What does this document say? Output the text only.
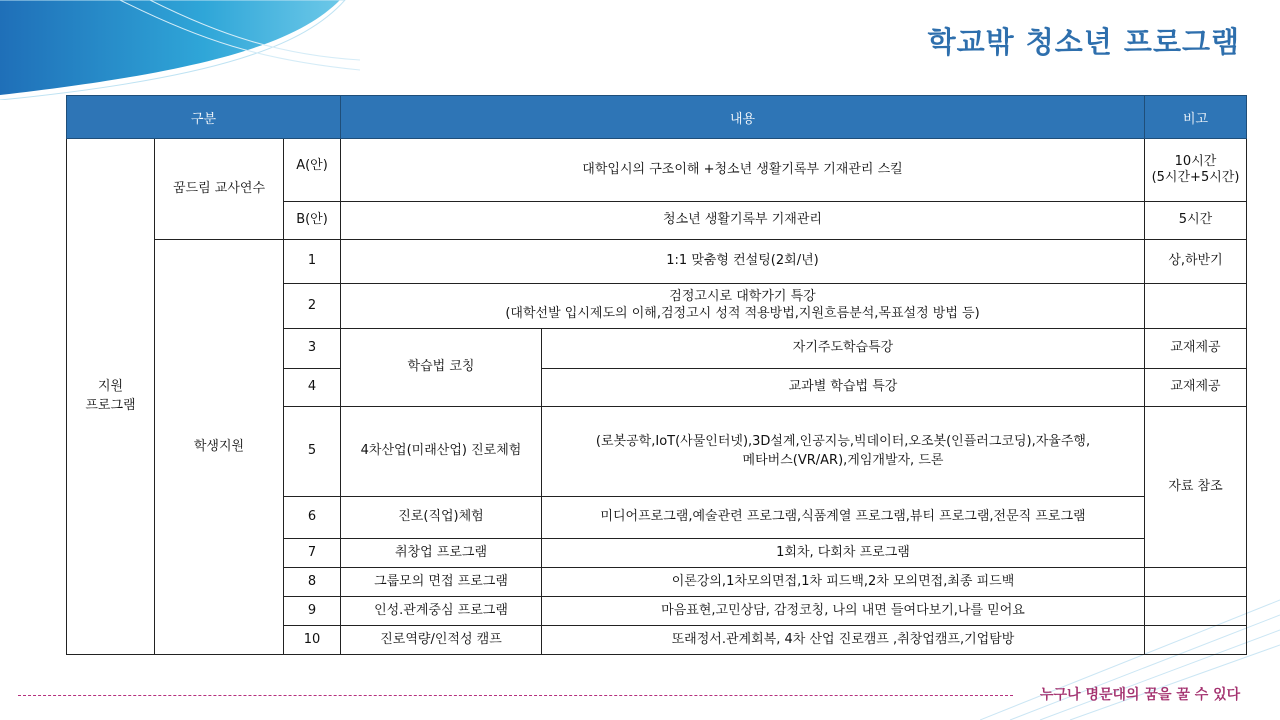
학교밖 청소년 프로그램
구분			내용		비고
지원
프로그램	꿈드림 교사연수	A(안)	대학입시의 구조이해 +청소년 생활기록부 기재관리 스킬		10시간
(5시간+5시간)
		B(안)	청소년 생활기록부 기재관리		5시간
	학생지원	1	1:1 맞춤형 컨설팅(2회/년)		상,하반기
		2	검정고시로 대학가기 특강
(대학선발 입시제도의 이해,검정고시 성적 적용방법,지원흐름분석,목표설정 방법 등)		
		3	학습법 코칭	자기주도학습특강	교재제공
		4		교과별 학습법 특강	교재제공
		5	4차산업(미래산업) 진로체험	(로봇공학,IoT(사물인터넷),3D설계,인공지능,빅데이터,오조봇(인플러그코딩),자율주행,
메타버스(VR/AR),게임개발자, 드론	자료 참조
		6	진로(직업)체험	미디어프로그램,예술관련 프로그램,식품계열 프로그램,뷰티 프로그램,전문직 프로그램	
		7	취창업 프로그램	1회차, 다회차 프로그램	
		8	그룹모의 면접 프로그램	이론강의,1차모의면접,1차 피드백,2차 모의면접,최종 피드백	
		9	인성.관계중심 프로그램	마음표현,고민상담, 감정코칭, 나의 내면 들여다보기,나를 믿어요	
		10	진로역량/인적성 캠프	또래정서.관계회복, 4차 산업 진로캠프 ,취창업캠프,기업탐방	
누구나 명문대의 꿈을 꿀 수 있다
